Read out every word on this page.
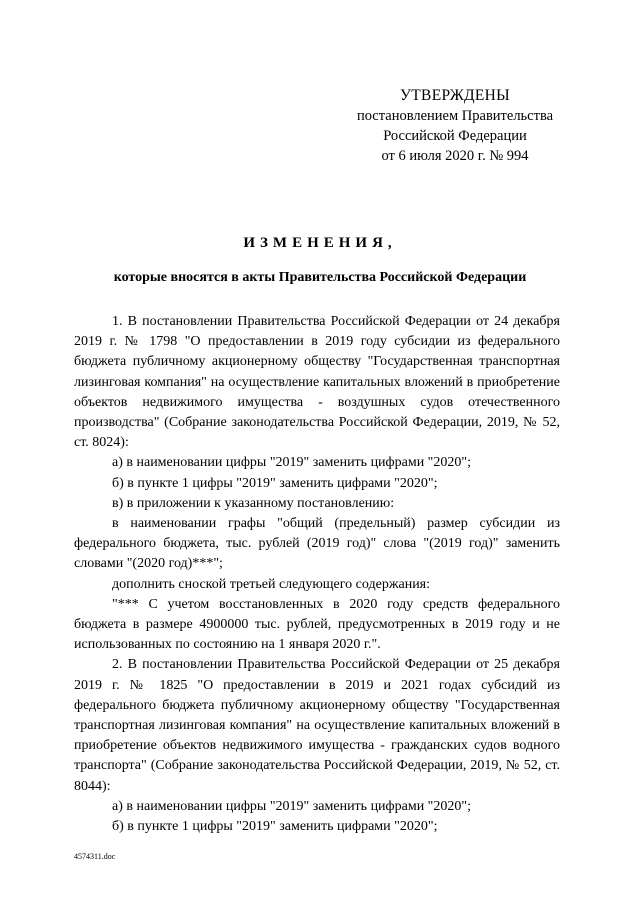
УТВЕРЖДЕНЫ
постановлением Правительства
Российской Федерации
от 6 июля 2020 г. № 994
ИЗМЕНЕНИЯ,
которые вносятся в акты Правительства Российской Федерации

1. В постановлении Правительства Российской Федерации от 24 декабря 2019 г. № 1798 "О предоставлении в 2019 году субсидии из федерального бюджета публичному акционерному обществу "Государственная транспортная лизинговая компания" на осуществление капитальных вложений в приобретение объектов недвижимого имущества - воздушных судов отечественного производства" (Собрание законодательства Российской Федерации, 2019, № 52, ст. 8024):

а) в наименовании цифры "2019" заменить цифрами "2020";

б) в пункте 1 цифры "2019" заменить цифрами "2020";

в) в приложении к указанному постановлению:

в наименовании графы "общий (предельный) размер субсидии из федерального бюджета, тыс. рублей (2019 год)" слова "(2019 год)" заменить словами "(2020 год)***";

дополнить сноской третьей следующего содержания:

"*** С учетом восстановленных в 2020 году средств федерального бюджета в размере 4900000 тыс. рублей, предусмотренных в 2019 году и не использованных по состоянию на 1 января 2020 г.".

2. В постановлении Правительства Российской Федерации от 25 декабря 2019 г. № 1825 "О предоставлении в 2019 и 2021 годах субсидий из федерального бюджета публичному акционерному обществу "Государственная транспортная лизинговая компания" на осуществление капитальных вложений в приобретение объектов недвижимого имущества - гражданских судов водного транспорта" (Собрание законодательства Российской Федерации, 2019, № 52, ст. 8044):

а) в наименовании цифры "2019" заменить цифрами "2020";

б) в пункте 1 цифры "2019" заменить цифрами "2020";

4574311.doc
